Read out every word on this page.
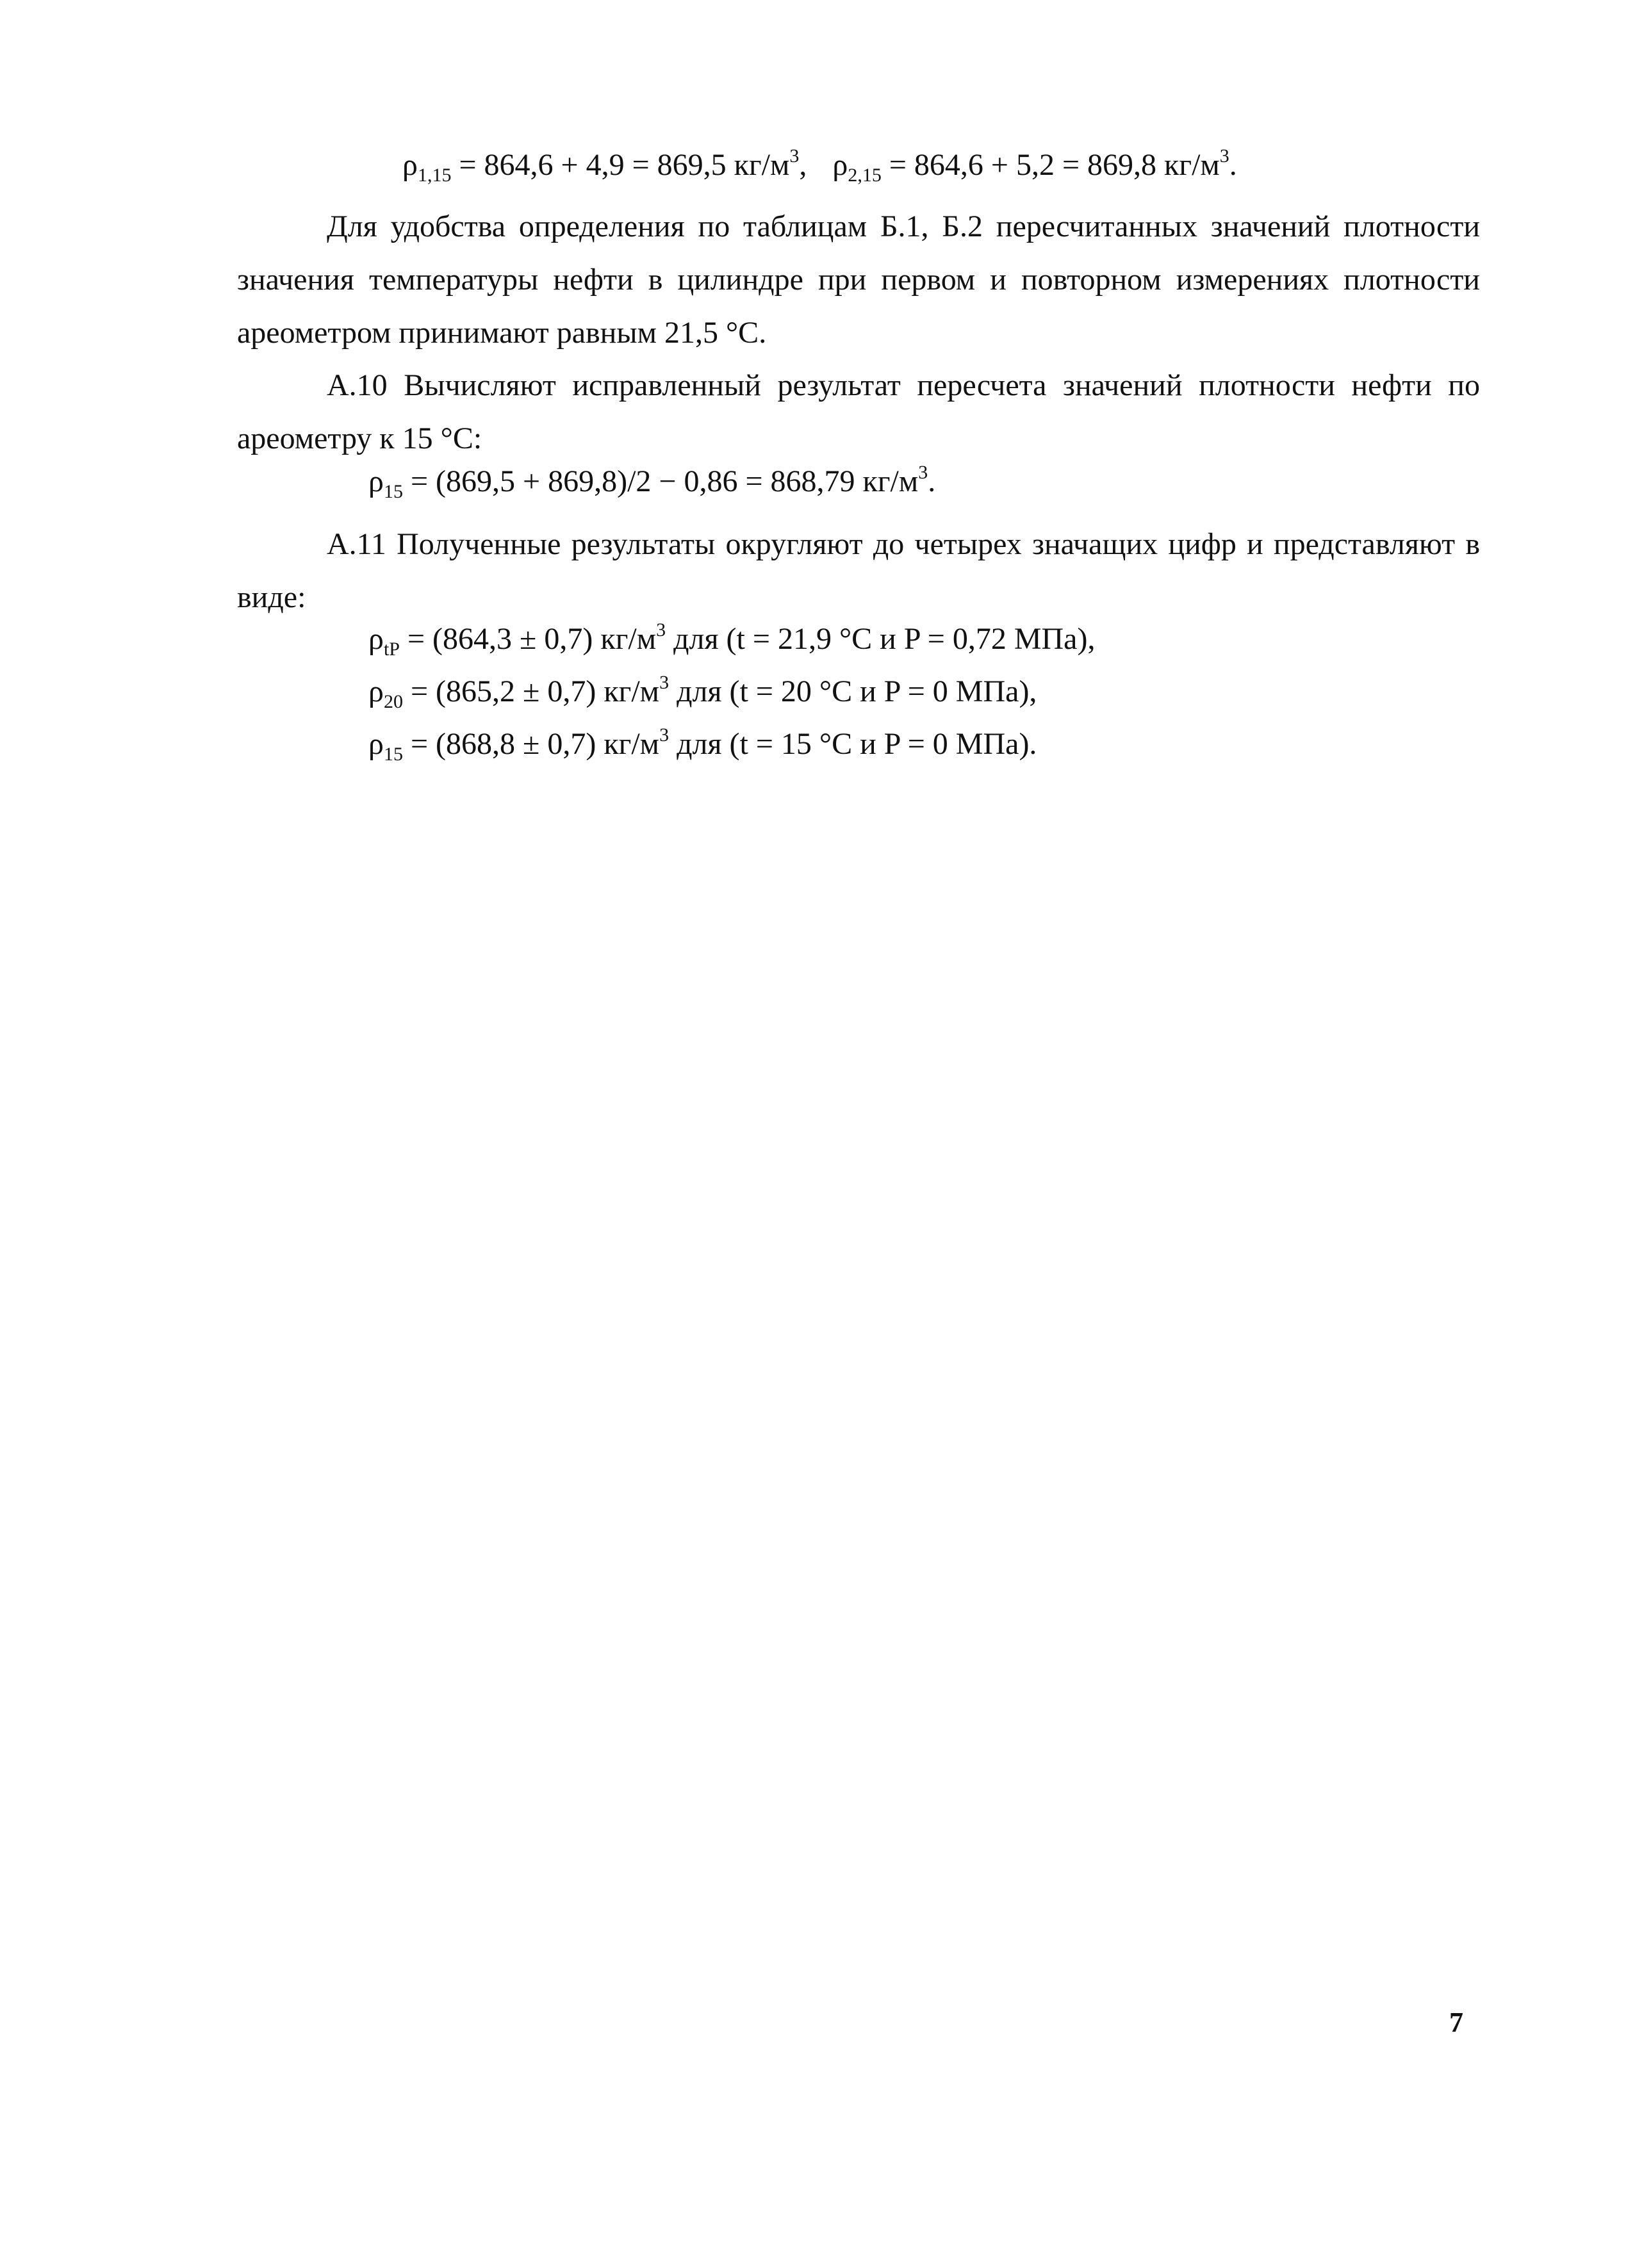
$\rho_{1,15} = 864,6 + 4,9 = 869,5$ $кг/м^3$, $\rho_{2,15} = 864,6 + 5,2 = 869,8$ $кг/м^3$.
Для удобства определения по таблицам Б.1, Б.2 пересчитанных значений плотности значения температуры нефти в цилиндре при первом и повторном измерениях плотности ареометром принимают равным 21,5 °С.
А.10 Вычисляют исправленный результат пересчета значений плотности нефти по ареометру к 15 °С:
$\rho_{15} = (869,5 + 869,8)/2 - 0,86 = 868,79$ $кг/м^3$.
А.11 Полученные результаты округляют до четырех значащих цифр и представляют в виде:
$\rho_{tP} = (864,3 \pm 0,7)$ $кг/м^3$ для (t = 21,9 °С и P = 0,72 МПа),
$\rho_{20} = (865,2 \pm 0,7)$ $кг/м^3$ для (t = 20 °С и P = 0 МПа),
$\rho_{15} = (868,8 \pm 0,7)$ $кг/м^3$ для (t = 15 °С и P = 0 МПа).
7
